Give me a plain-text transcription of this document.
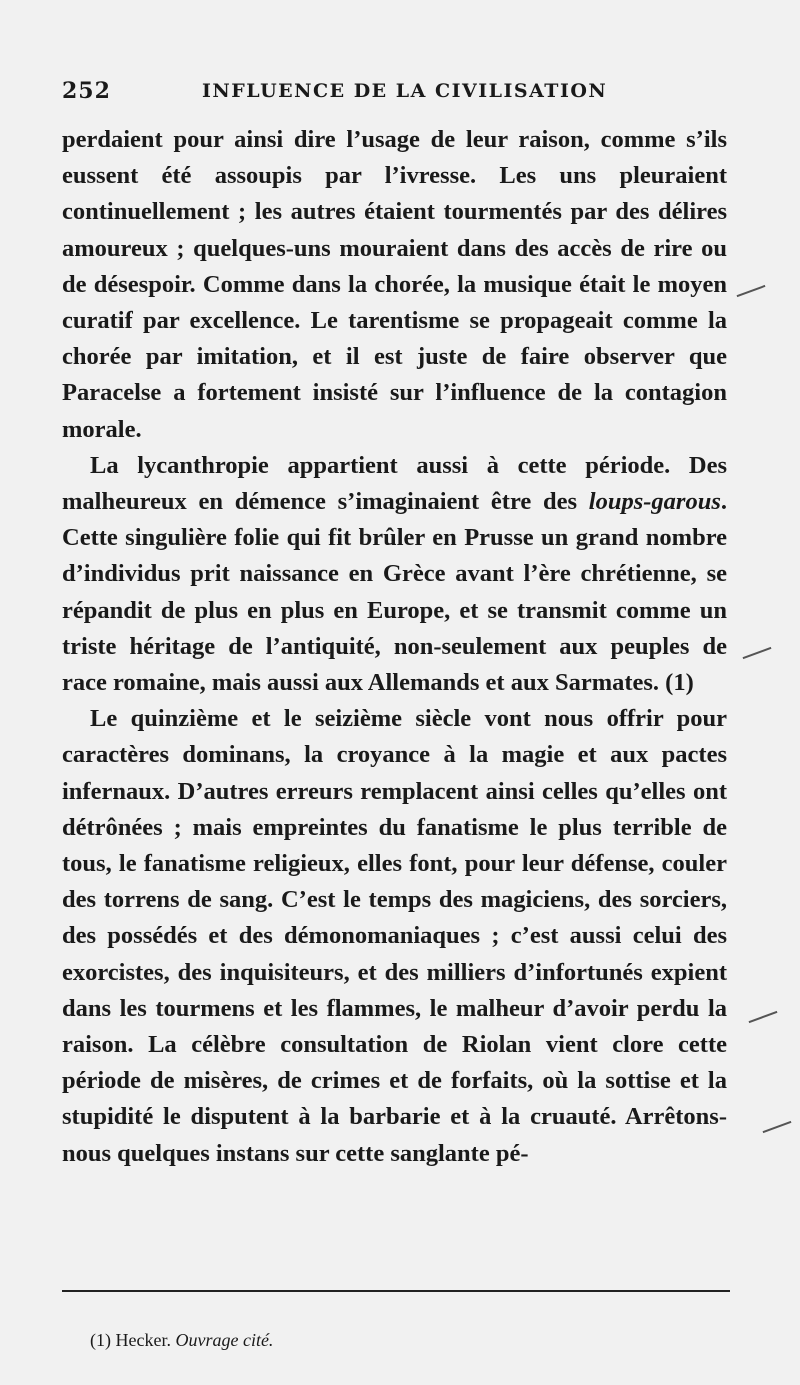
252	INFLUENCE DE LA CIVILISATION

perdaient pour ainsi dire l’usage de leur raison, comme s’ils eussent été assoupis par l’ivresse. Les uns pleuraient continuellement ; les autres étaient tourmentés par des délires amoureux ; quelques-uns mouraient dans des accès de rire ou de désespoir. Comme dans la chorée, la musique était le moyen curatif par excellence. Le tarentisme se propageait comme la chorée par imitation, et il est juste de faire observer que Paracelse a fortement insisté sur l’influence de la contagion morale.

La lycanthropie appartient aussi à cette période. Des malheureux en démence s’imaginaient être des loups-garous. Cette singulière folie qui fit brûler en Prusse un grand nombre d’individus prit naissance en Grèce avant l’ère chrétienne, se répandit de plus en plus en Europe, et se transmit comme un triste héritage de l’antiquité, non-seulement aux peuples de race romaine, mais aussi aux Allemands et aux Sarmates. (1)

Le quinzième et le seizième siècle vont nous offrir pour caractères dominans, la croyance à la magie et aux pactes infernaux. D’autres erreurs remplacent ainsi celles qu’elles ont détrônées ; mais empreintes du fanatisme le plus terrible de tous, le fanatisme religieux, elles font, pour leur défense, couler des torrens de sang. C’est le temps des magiciens, des sorciers, des possédés et des démonomaniaques ; c’est aussi celui des exorcistes, des inquisiteurs, et des milliers d’infortunés expient dans les tourmens et les flammes, le malheur d’avoir perdu la raison. La célèbre consultation de Riolan vient clore cette période de misères, de crimes et de forfaits, où la sottise et la stupidité le disputent à la barbarie et à la cruauté. Arrêtons-nous quelques instans sur cette sanglante pé-

(1) Hecker. Ouvrage cité.
